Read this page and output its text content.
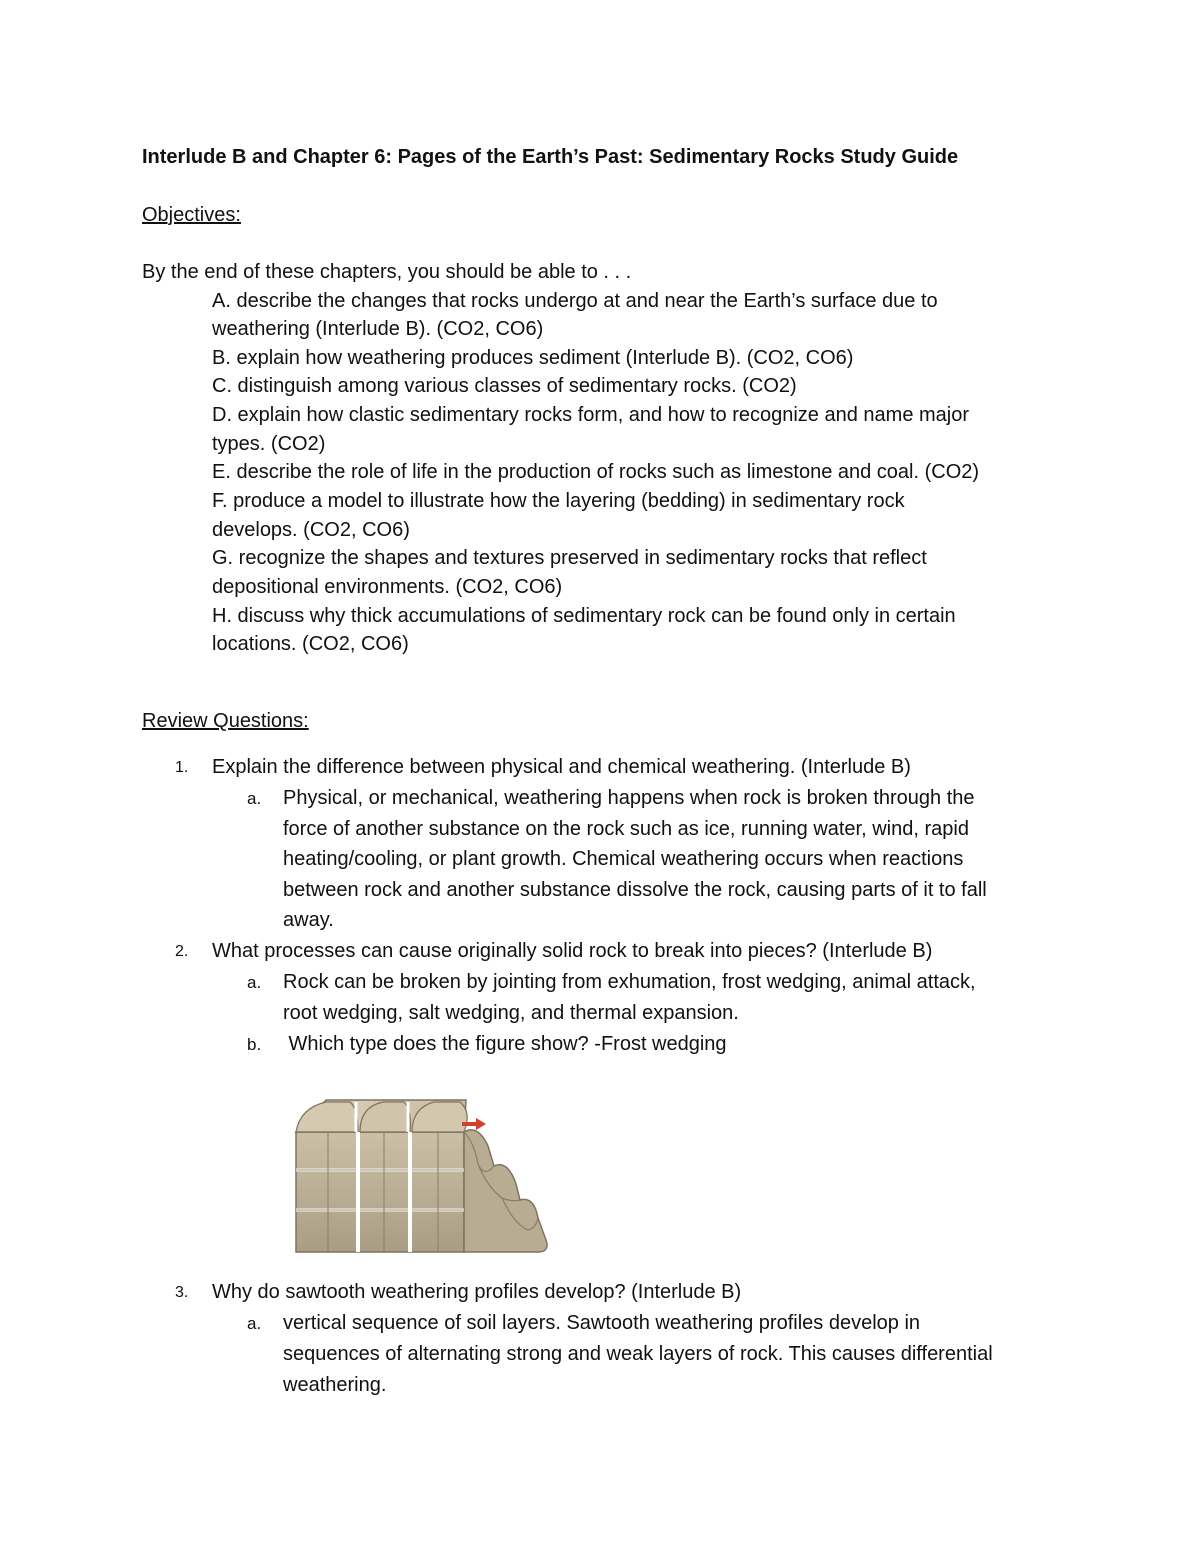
Interlude B and Chapter 6: Pages of the Earth’s Past: Sedimentary Rocks Study Guide
Objectives:
By the end of these chapters, you should be able to . . .
A. describe the changes that rocks undergo at and near the Earth’s surface due to
weathering (Interlude B). (CO2, CO6)
B. explain how weathering produces sediment (Interlude B). (CO2, CO6)
C. distinguish among various classes of sedimentary rocks. (CO2)
D. explain how clastic sedimentary rocks form, and how to recognize and name major
types. (CO2)
E. describe the role of life in the production of rocks such as limestone and coal. (CO2)
F. produce a model to illustrate how the layering (bedding) in sedimentary rock
develops. (CO2, CO6)
G. recognize the shapes and textures preserved in sedimentary rocks that reflect
depositional environments. (CO2, CO6)
H. discuss why thick accumulations of sedimentary rock can be found only in certain
locations. (CO2, CO6)
Review Questions:
1. Explain the difference between physical and chemical weathering. (Interlude B)
a. Physical, or mechanical, weathering happens when rock is broken through the
force of another substance on the rock such as ice, running water, wind, rapid
heating/cooling, or plant growth. Chemical weathering occurs when reactions
between rock and another substance dissolve the rock, causing parts of it to fall
away.
2. What processes can cause originally solid rock to break into pieces? (Interlude B)
a. Rock can be broken by jointing from exhumation, frost wedging, animal attack,
root wedging, salt wedging, and thermal expansion.
b. Which type does the figure show? -Frost wedging
3. Why do sawtooth weathering profiles develop? (Interlude B)
a. vertical sequence of soil layers. Sawtooth weathering profiles develop in
sequences of alternating strong and weak layers of rock. This causes differential
weathering.
